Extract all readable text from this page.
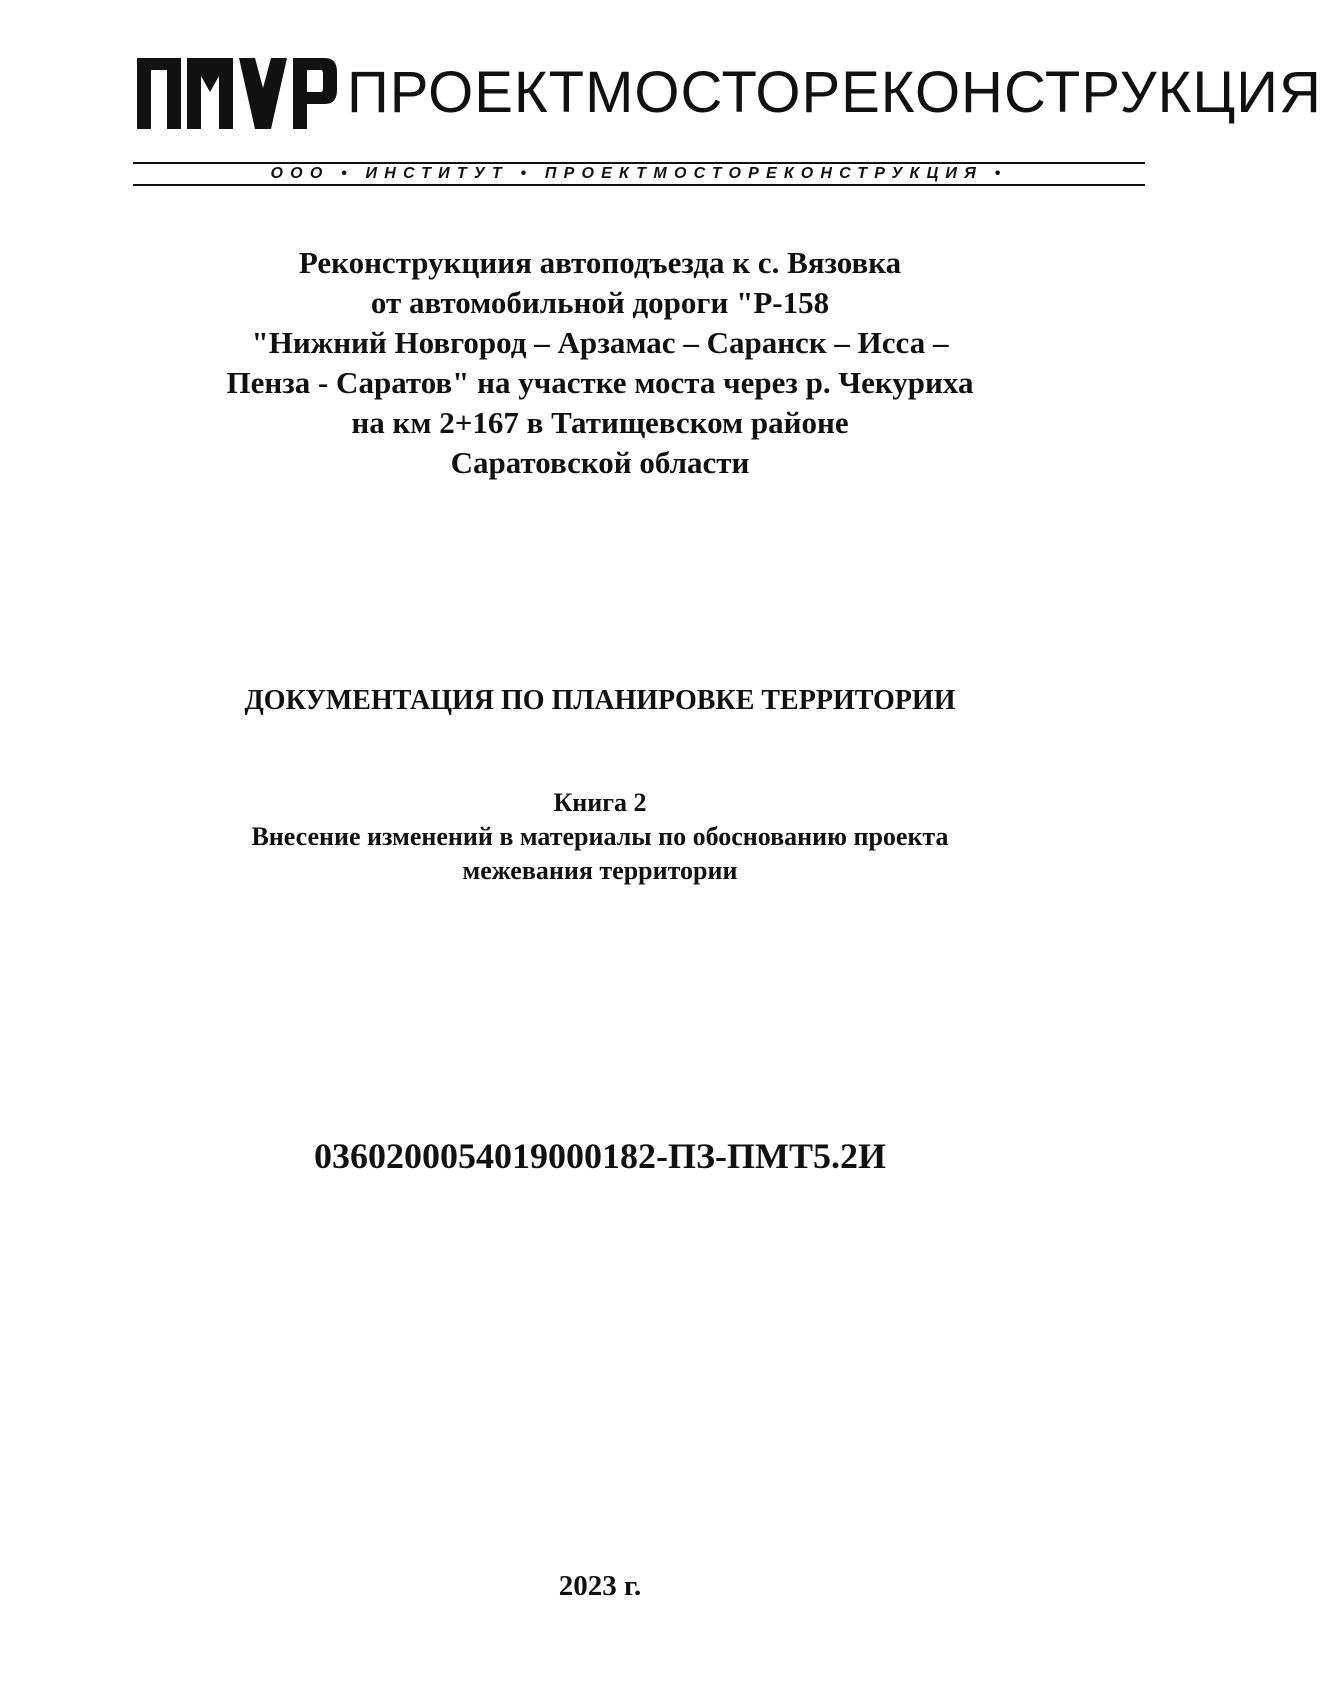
ПРОЕКТМОСТОРЕКОНСТРУКЦИЯ
ООО • ИНСТИТУТ • ПРОЕКТМОСТОРЕКОНСТРУКЦИЯ •
Реконструкциия автоподъезда к с. Вязовка
от автомобильной дороги "Р-158
"Нижний Новгород – Арзамас – Саранск – Исса –
Пенза - Саратов" на участке моста через р. Чекуриха
на км 2+167 в Татищевском районе
Саратовской области
ДОКУМЕНТАЦИЯ ПО ПЛАНИРОВКЕ ТЕРРИТОРИИ
Книга 2
Внесение изменений в материалы по обоснованию проекта
межевания территории
0360200054019000182-ПЗ-ПМТ5.2И
2023 г.
